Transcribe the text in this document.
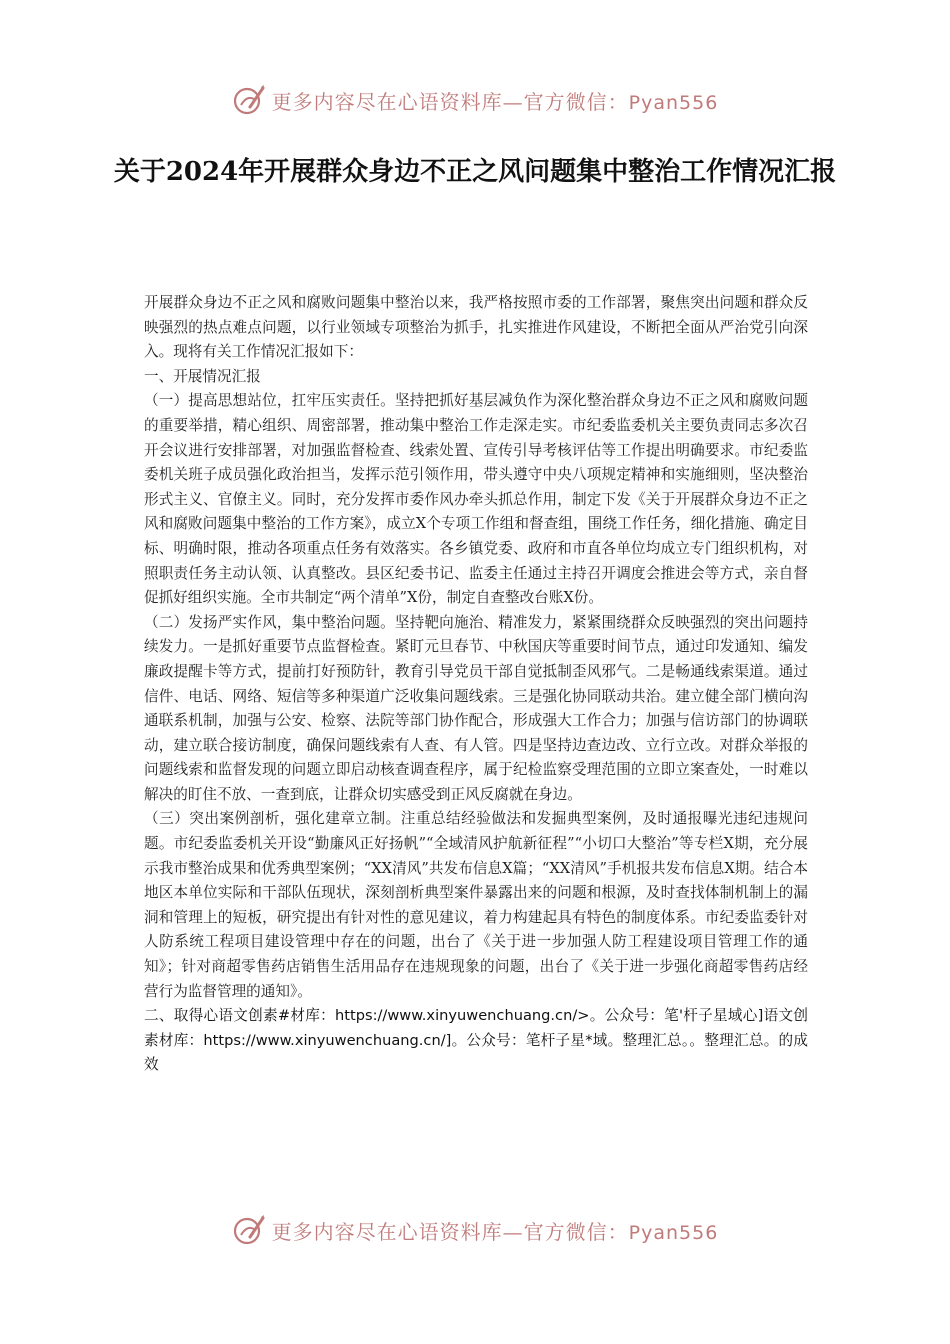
更多内容尽在心语资料库—官方微信：Pyan556
关于2024年开展群众身边不正之风问题集中整治工作情况汇报

开展群众身边不正之风和腐败问题集中整治以来，我严格按照市委的工作部署，聚焦突出问题和群众反映强烈的热点难点问题，以行业领域专项整治为抓手，扎实推进作风建设，不断把全面从严治党引向深入。现将有关工作情况汇报如下：

一、开展情况汇报

（一）提高思想站位，扛牢压实责任。坚持把抓好基层减负作为深化整治群众身边不正之风和腐败问题的重要举措，精心组织、周密部署，推动集中整治工作走深走实。市纪委监委机关主要负责同志多次召开会议进行安排部署，对加强监督检查、线索处置、宣传引导考核评估等工作提出明确要求。市纪委监委机关班子成员强化政治担当，发挥示范引领作用，带头遵守中央八项规定精神和实施细则，坚决整治形式主义、官僚主义。同时，充分发挥市委作风办牵头抓总作用，制定下发《关于开展群众身边不正之风和腐败问题集中整治的工作方案》，成立X个专项工作组和督查组，围绕工作任务，细化措施、确定目标、明确时限，推动各项重点任务有效落实。各乡镇党委、政府和市直各单位均成立专门组织机构，对照职责任务主动认领、认真整改。县区纪委书记、监委主任通过主持召开调度会推进会等方式，亲自督促抓好组织实施。全市共制定“两个清单”X份，制定自查整改台账X份。

（二）发扬严实作风，集中整治问题。坚持靶向施治、精准发力，紧紧围绕群众反映强烈的突出问题持续发力。一是抓好重要节点监督检查。紧盯元旦春节、中秋国庆等重要时间节点，通过印发通知、编发廉政提醒卡等方式，提前打好预防针，教育引导党员干部自觉抵制歪风邪气。二是畅通线索渠道。通过信件、电话、网络、短信等多种渠道广泛收集问题线索。三是强化协同联动共治。建立健全部门横向沟通联系机制，加强与公安、检察、法院等部门协作配合，形成强大工作合力；加强与信访部门的协调联动，建立联合接访制度，确保问题线索有人查、有人管。四是坚持边查边改、立行立改。对群众举报的问题线索和监督发现的问题立即启动核查调查程序，属于纪检监察受理范围的立即立案查处，一时难以解决的盯住不放、一查到底，让群众切实感受到正风反腐就在身边。

（三）突出案例剖析，强化建章立制。注重总结经验做法和发掘典型案例，及时通报曝光违纪违规问题。市纪委监委机关开设“勤廉风正好扬帆”“全域清风护航新征程”“小切口大整治”等专栏X期，充分展示我市整治成果和优秀典型案例；“XX清风”共发布信息X篇；“XX清风”手机报共发布信息X期。结合本地区本单位实际和干部队伍现状，深刻剖析典型案件暴露出来的问题和根源，及时查找体制机制上的漏洞和管理上的短板，研究提出有针对性的意见建议，着力构建起具有特色的制度体系。市纪委监委针对人防系统工程项目建设管理中存在的问题，出台了《关于进一步加强人防工程建设项目管理工作的通知》；针对商超零售药店销售生活用品存在违规现象的问题，出台了《关于进一步强化商超零售药店经营行为监督管理的通知》。

二、取得心语文创素#材库：https://www.xinyuwenchuang.cn/>。公众号：笔'杆子星域心]语文创素材库：https://www.xinyuwenchuang.cn/]。公众号：笔杆子星*域。整理汇总。。整理汇总。的成效

更多内容尽在心语资料库—官方微信：Pyan556
